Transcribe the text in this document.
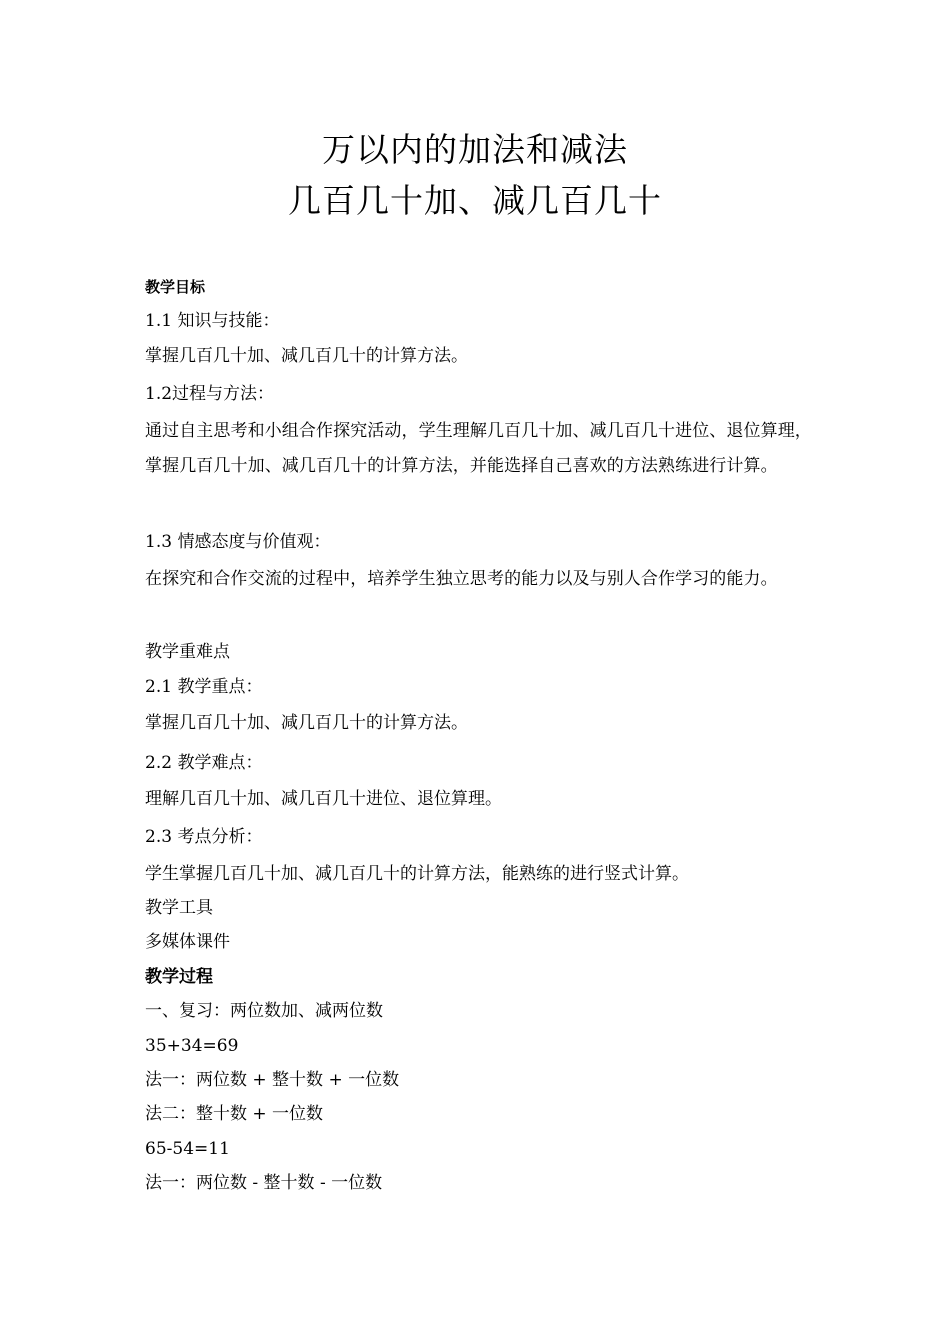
万以内的加法和减法
几百几十加、减几百几十

教学目标

1.1 知识与技能：

掌握几百几十加、减几百几十的计算方法。

1.2过程与方法：

通过自主思考和小组合作探究活动，学生理解几百几十加、减几百几十进位、退位算理，掌握几百几十加、减几百几十的计算方法，并能选择自己喜欢的方法熟练进行计算。

1.3 情感态度与价值观：

在探究和合作交流的过程中，培养学生独立思考的能力以及与别人合作学习的能力。

教学重难点

2.1 教学重点：

掌握几百几十加、减几百几十的计算方法。

2.2 教学难点：

理解几百几十加、减几百几十进位、退位算理。

2.3 考点分析：

学生掌握几百几十加、减几百几十的计算方法，能熟练的进行竖式计算。

教学工具

多媒体课件

教学过程

一、复习：两位数加、减两位数

35+34=69

法一：两位数 + 整十数 + 一位数

法二：整十数 + 一位数

65-54=11

法一：两位数 - 整十数 - 一位数
